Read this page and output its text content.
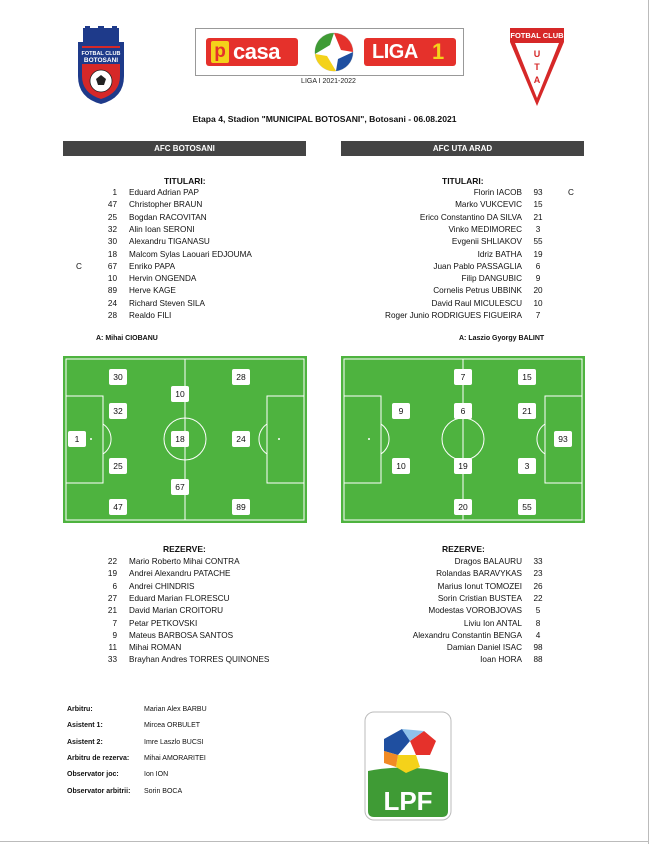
FOTBAL CLUB
BOTOSANI	p casa	LIGA 1
LIGA I 2021-2022
FOTBAL CLUB
U
T
A
Etapa 4, Stadion "MUNICIPAL BOTOSANI", Botosani - 06.08.2021
AFC BOTOSANI	AFC UTA ARAD
TITULARI:	TITULARI:
1 Eduard Adrian PAP
47 Christopher BRAUN
25 Bogdan RACOVITAN
32 Alin Ioan SERONI
30 Alexandru TIGANASU
18 Malcom Sylas Laouari EDJOUMA
C	67 Enriko PAPA
10 Hervin ONGENDA
89 Herve KAGE
24 Richard Steven SILA
28 Realdo FILI
Florin IACOB	93	C
Marko VUKCEVIC	15
Erico Constantino DA SILVA	21
Vinko MEDIMOREC	3
Evgenii SHLIAKOV	55
Idriz BATHA	19
Juan Pablo PASSAGLIA	6
Filip DANGUBIC	9
Cornelis Petrus UBBINK	20
David Raul MICULESCU	10
Roger Junio RODRIGUES FIGUEIRA	7
A: Mihai CIOBANU	A: Laszio Gyorgy BALINT
1
30
32
25
47
10
18
67
28
24
89
93
15
21
3
55
7
6
19
20
9
10
REZERVE:	REZERVE:
22 Mario Roberto Mihai CONTRA
19 Andrei Alexandru PATACHE
6 Andrei CHINDRIS
27 Eduard Marian FLORESCU
21 David Marian CROITORU
7 Petar PETKOVSKI
9 Mateus BARBOSA SANTOS
11 Mihai ROMAN
33 Brayhan Andres TORRES QUINONES
Dragos BALAURU	33
Rolandas BARAVYKAS	23
Marius Ionut TOMOZEI	26
Sorin Cristian BUSTEA	22
Modestas VOROBJOVAS	5
Liviu Ion ANTAL	8
Alexandru Constantin BENGA	4
Damian Daniel ISAC	98
Ioan HORA	88
Arbitru:	Marian Alex BARBU
Asistent 1:	Mircea ORBULET
Asistent 2:	Imre Laszlo BUCSI
Arbitru de rezerva: Mihai AMORARITEI
Observator joc:	Ion ION
Observator arbitrii: Sorin BOCA	LPF
